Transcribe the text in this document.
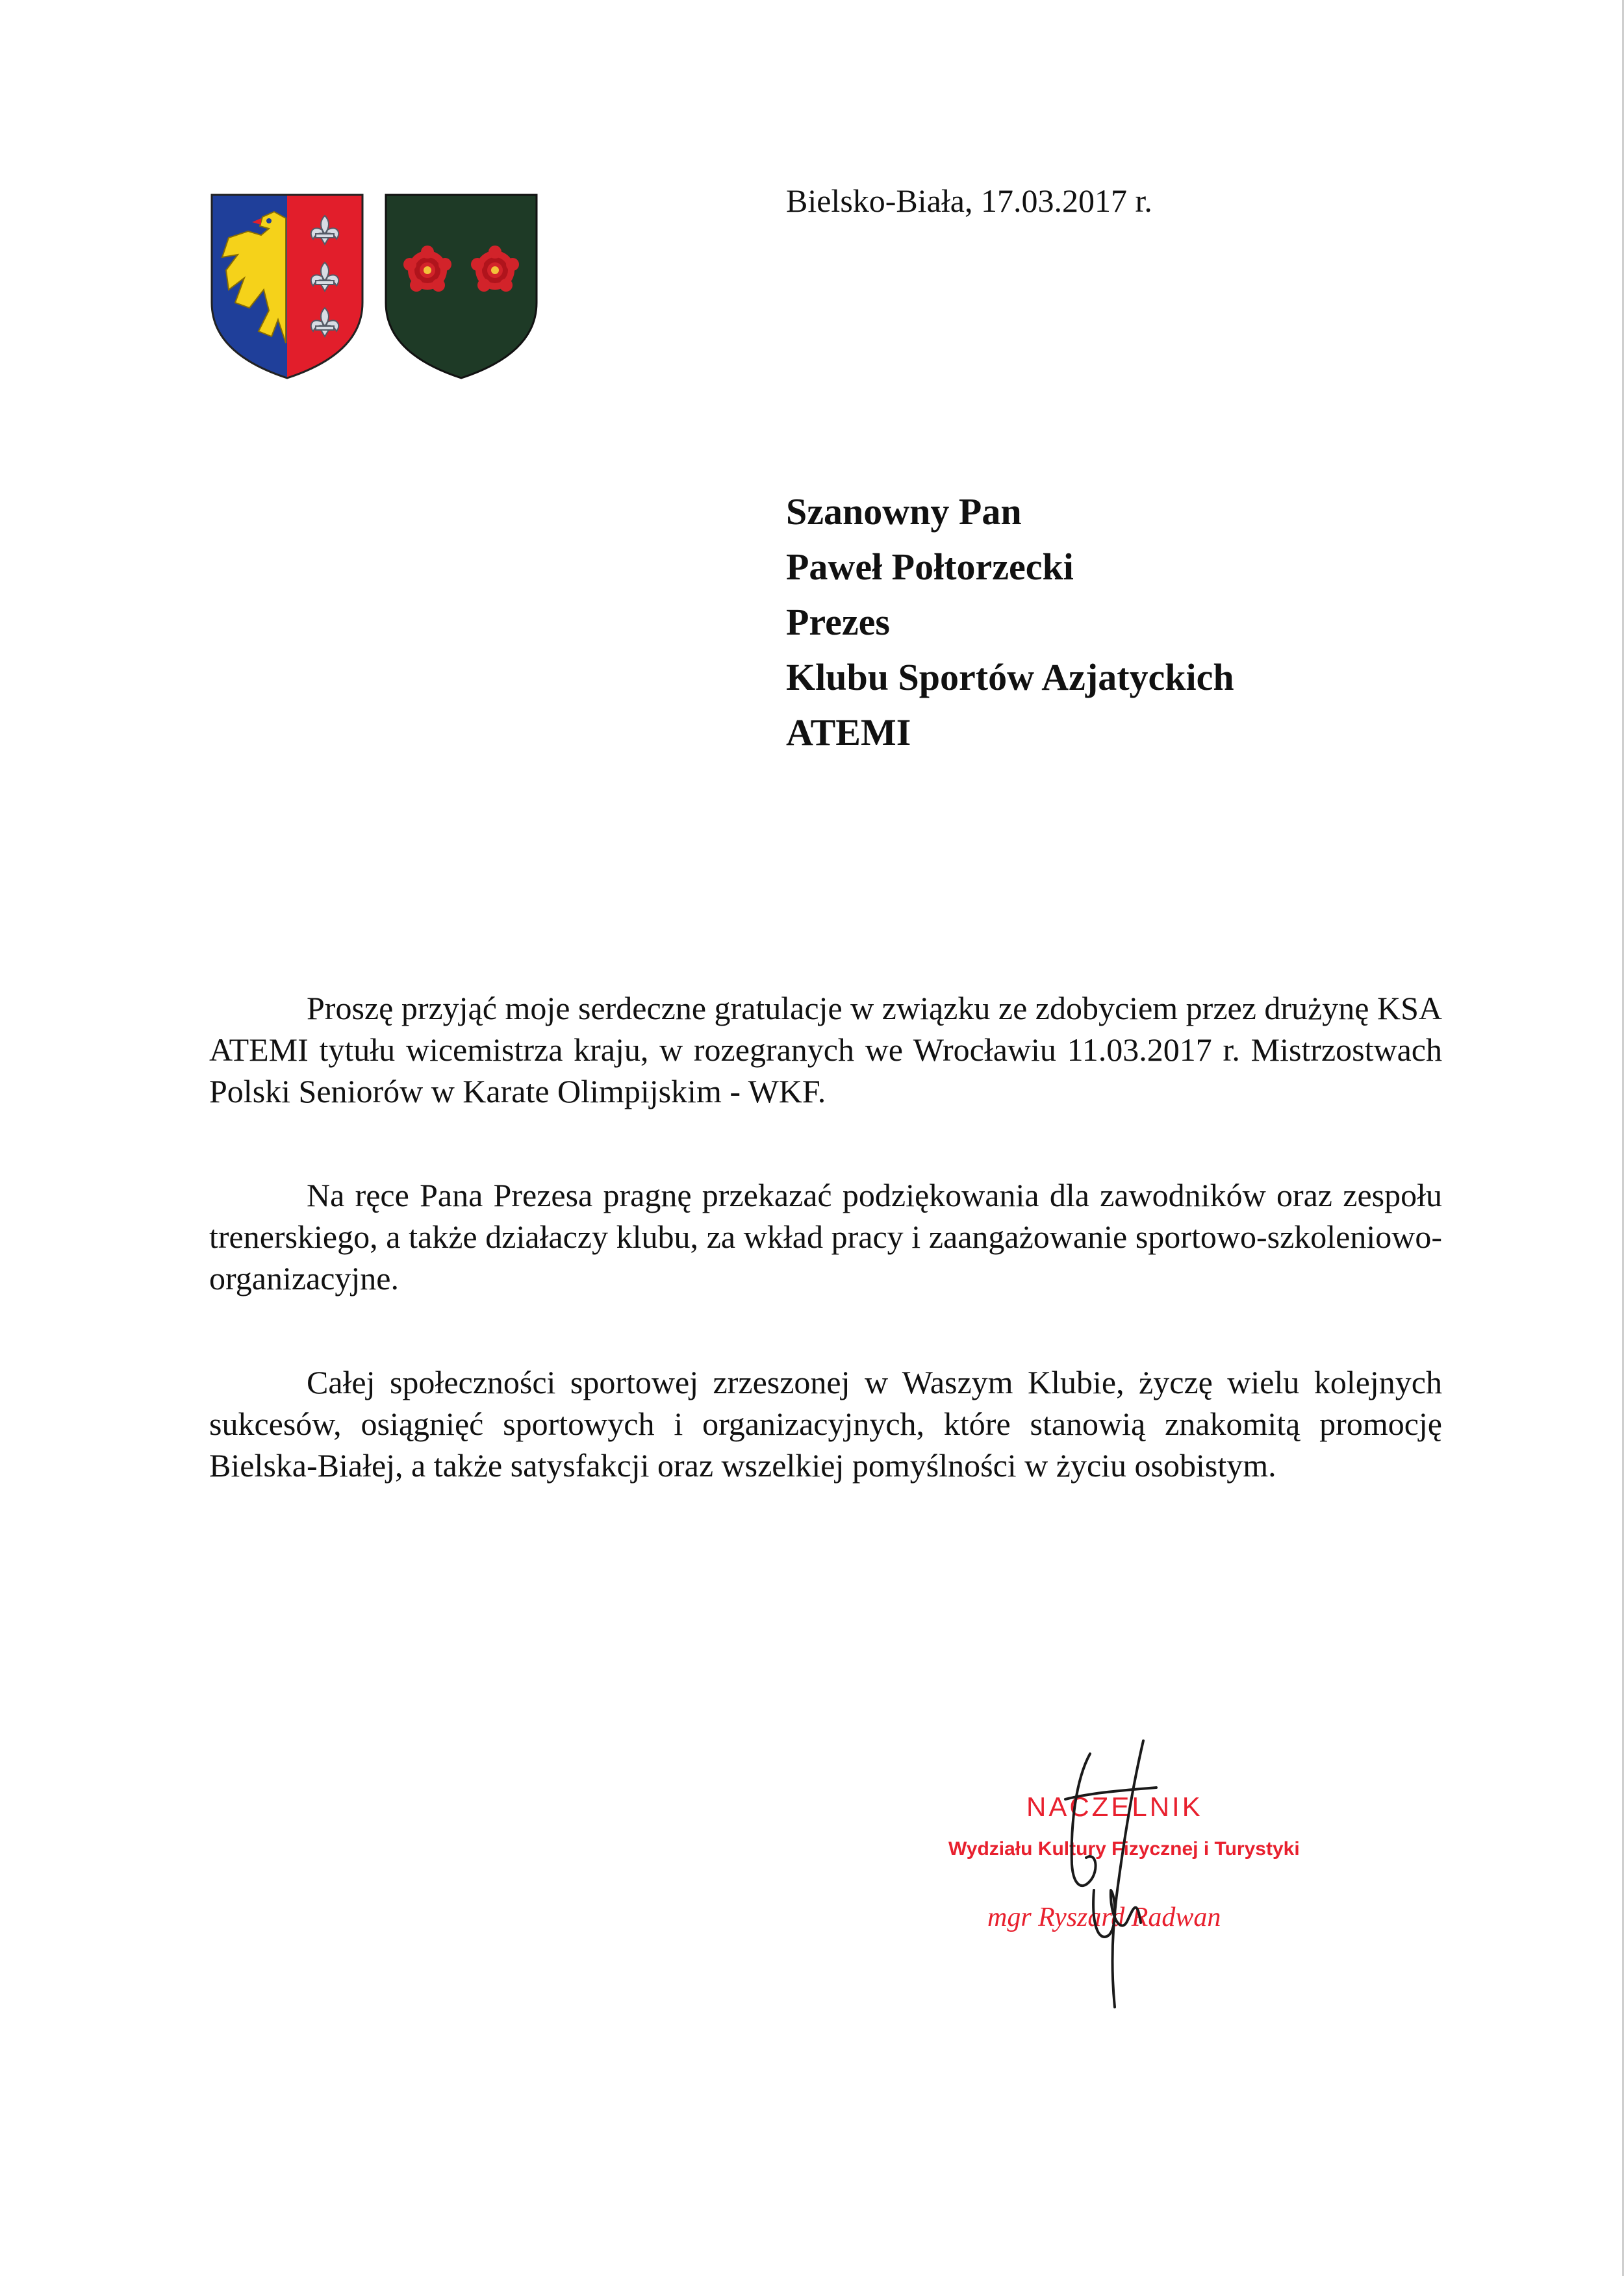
Bielsko-Biała, 17.03.2017 r.
Szanowny Pan
Paweł Połtorzecki
Prezes
Klubu Sportów Azjatyckich
ATEMI

Proszę przyjąć moje serdeczne gratulacje w związku ze zdobyciem przez drużynę KSA ATEMI tytułu wicemistrza kraju, w rozegranych we Wrocławiu 11.03.2017 r. Mistrzostwach Polski Seniorów w Karate Olimpijskim - WKF.

Na ręce Pana Prezesa pragnę przekazać podziękowania dla zawodników oraz zespołu trenerskiego, a także działaczy klubu, za wkład pracy i zaangażowanie sportowo-szkoleniowo-organizacyjne.

Całej społeczności sportowej zrzeszonej w Waszym Klubie, życzę wielu kolejnych sukcesów, osiągnięć sportowych i organizacyjnych, które stanowią znakomitą promocję Bielska-Białej, a także satysfakcji oraz wszelkiej pomyślności w życiu osobistym.

NACZELNIK
Wydziału Kultury Fizycznej i Turystyki
mgr Ryszard Radwan
